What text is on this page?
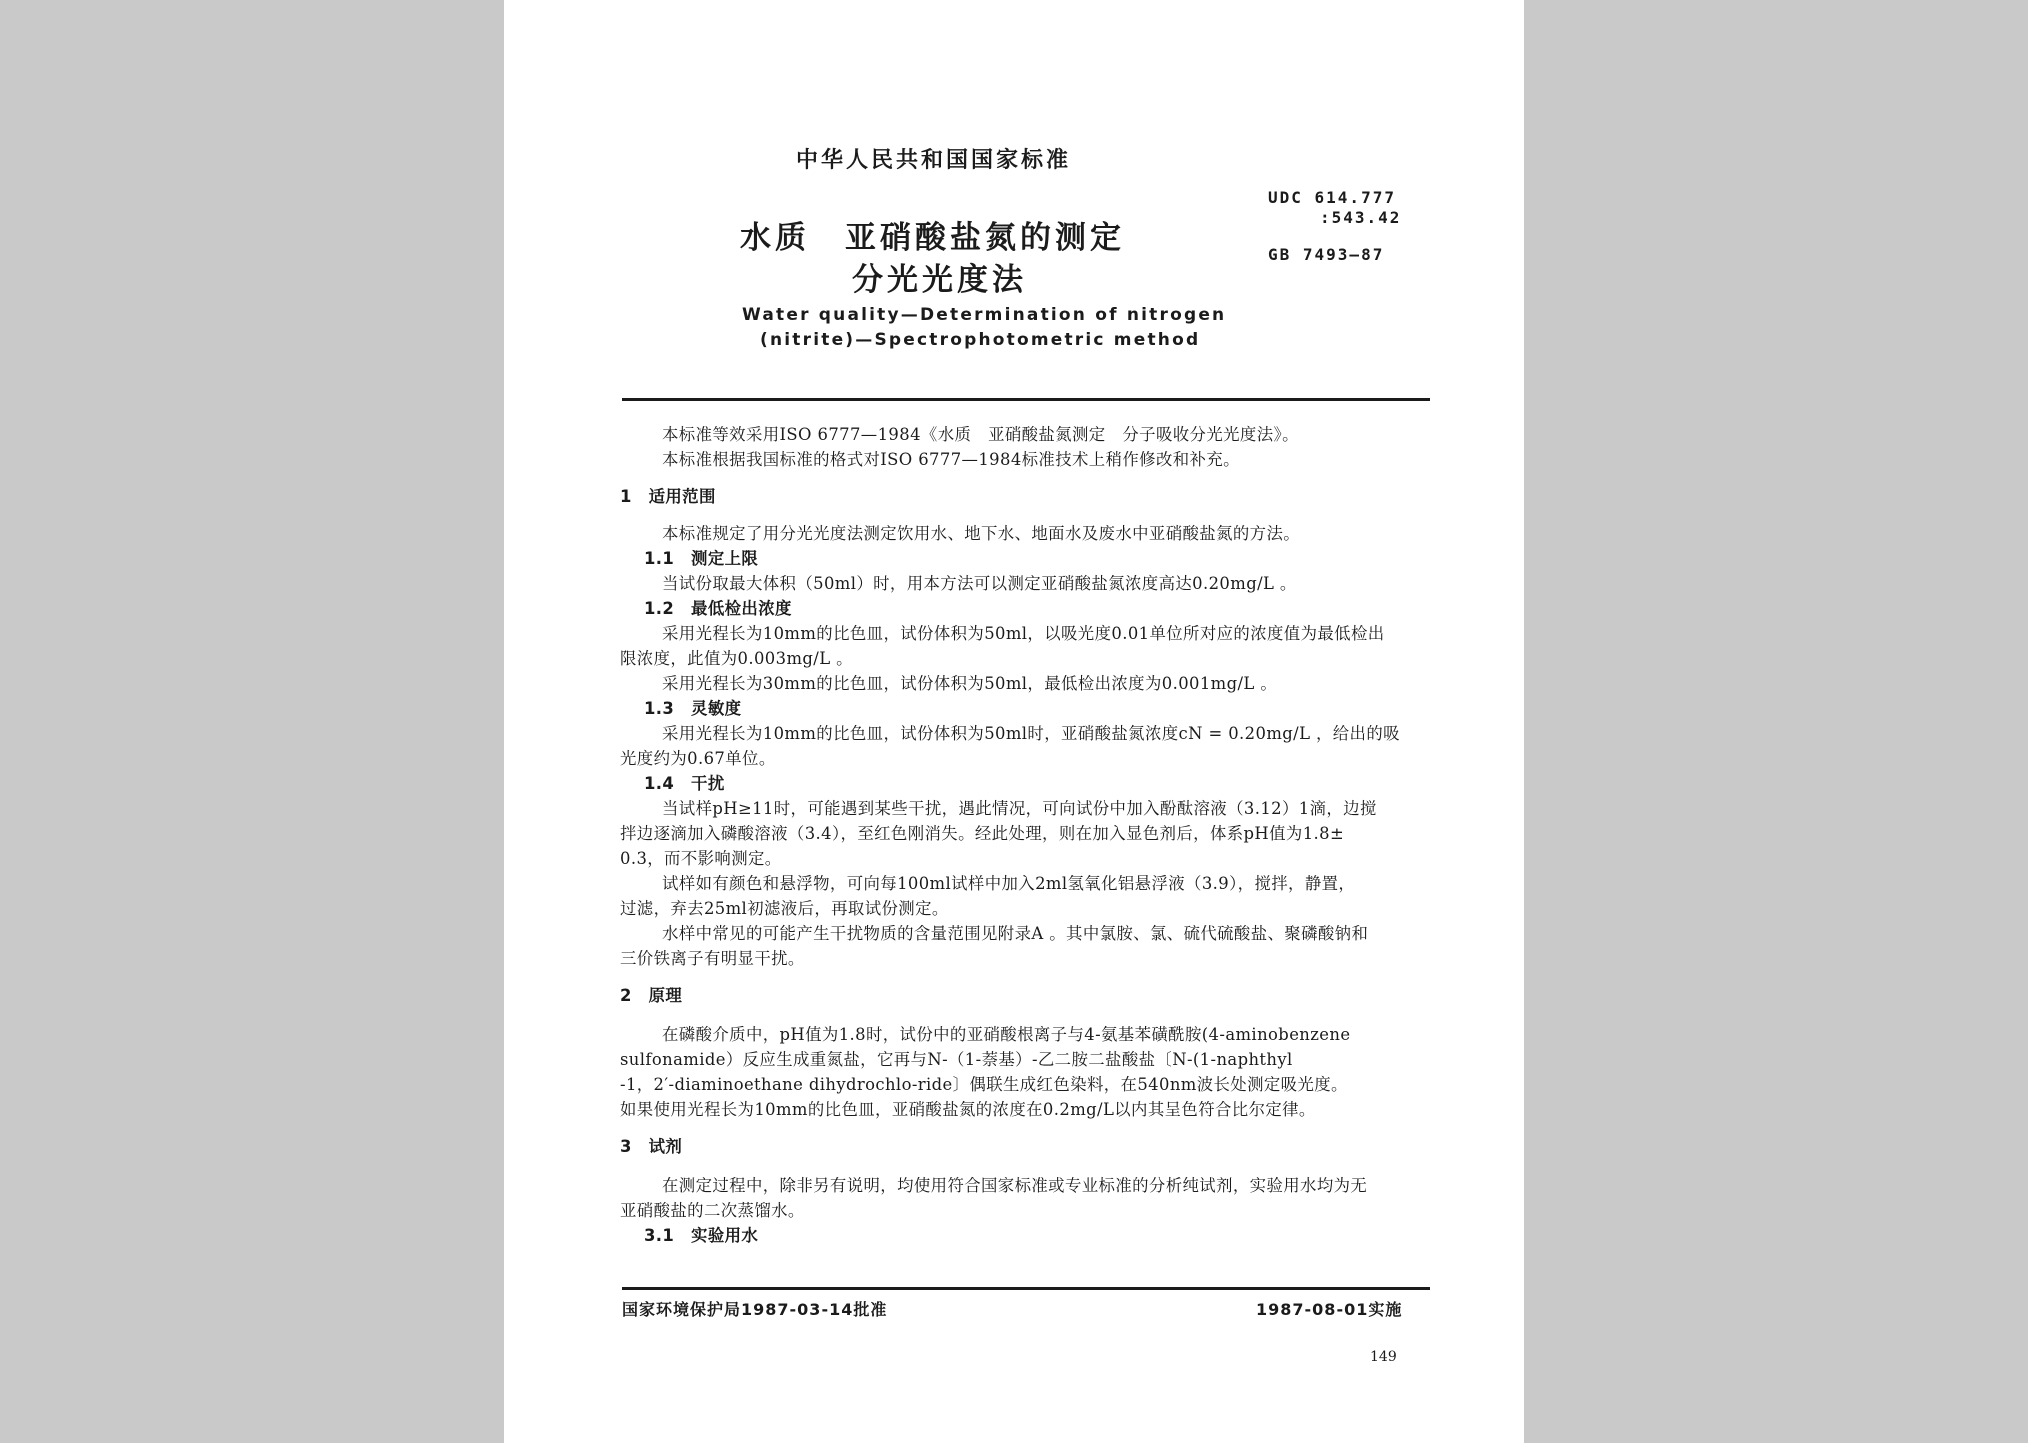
中华人民共和国国家标准
水质　亚硝酸盐氮的测定
分光光度法
UDC 614.777
:543.42
GB 7493—87
Water quality—Determination of nitrogen
(nitrite)—Spectrophotometric method
本标准等效采用ISO 6777—1984《水质　亚硝酸盐氮测定　分子吸收分光光度法》。
本标准根据我国标准的格式对ISO 6777—1984标准技术上稍作修改和补充。
1　适用范围
本标准规定了用分光光度法测定饮用水、地下水、地面水及废水中亚硝酸盐氮的方法。
1.1　测定上限
当试份取最大体积（50ml）时，用本方法可以测定亚硝酸盐氮浓度高达0.20mg/L 。
1.2　最低检出浓度
采用光程长为10mm的比色皿，试份体积为50ml，以吸光度0.01单位所对应的浓度值为最低检出
限浓度，此值为0.003mg/L 。
采用光程长为30mm的比色皿，试份体积为50ml，最低检出浓度为0.001mg/L 。
1.3　灵敏度
采用光程长为10mm的比色皿，试份体积为50ml时，亚硝酸盐氮浓度cN = 0.20mg/L ，给出的吸
光度约为0.67单位。
1.4　干扰
当试样pH≥11时，可能遇到某些干扰，遇此情况，可向试份中加入酚酞溶液（3.12）1滴，边搅
拌边逐滴加入磷酸溶液（3.4），至红色刚消失。经此处理，则在加入显色剂后，体系pH值为1.8±
0.3，而不影响测定。
试样如有颜色和悬浮物，可向每100ml试样中加入2ml氢氧化铝悬浮液（3.9），搅拌，静置，
过滤，弃去25ml初滤液后，再取试份测定。
水样中常见的可能产生干扰物质的含量范围见附录A 。其中氯胺、氯、硫代硫酸盐、聚磷酸钠和
三价铁离子有明显干扰。
2　原理
在磷酸介质中，pH值为1.8时，试份中的亚硝酸根离子与4-氨基苯磺酰胺(4-aminobenzene
sulfonamide）反应生成重氮盐，它再与N-（1-萘基）-乙二胺二盐酸盐〔N-(1-naphthyl
-1，2′-diaminoethane dihydrochlo-ride〕偶联生成红色染料，在540nm波长处测定吸光度。
如果使用光程长为10mm的比色皿，亚硝酸盐氮的浓度在0.2mg/L以内其呈色符合比尔定律。
3　试剂
在测定过程中，除非另有说明，均使用符合国家标准或专业标准的分析纯试剂，实验用水均为无
亚硝酸盐的二次蒸馏水。
3.1　实验用水
国家环境保护局1987-03-14批准	1987-08-01实施
149
